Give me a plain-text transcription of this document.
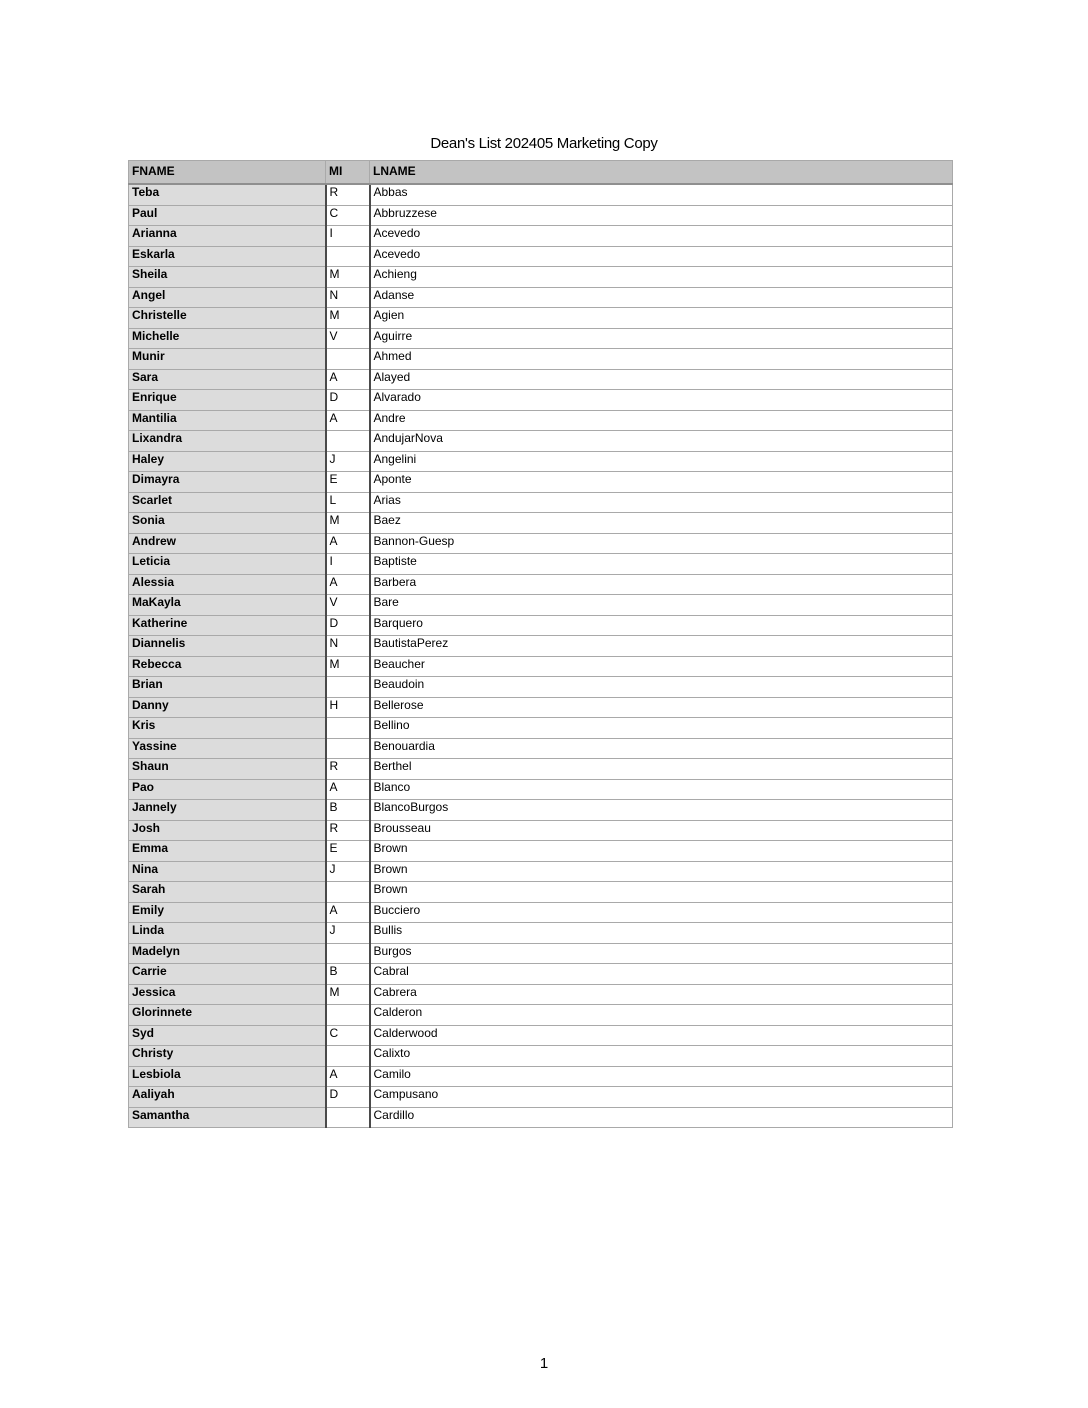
Dean's List 202405 Marketing Copy
FNAME	MI	LNAME
Teba	R	Abbas
Paul	C	Abbruzzese
Arianna	I	Acevedo
Eskarla		Acevedo
Sheila	M	Achieng
Angel	N	Adanse
Christelle	M	Agien
Michelle	V	Aguirre
Munir		Ahmed
Sara	A	Alayed
Enrique	D	Alvarado
Mantilia	A	Andre
Lixandra		AndujarNova
Haley	J	Angelini
Dimayra	E	Aponte
Scarlet	L	Arias
Sonia	M	Baez
Andrew	A	Bannon-Guesp
Leticia	I	Baptiste
Alessia	A	Barbera
MaKayla	V	Bare
Katherine	D	Barquero
Diannelis	N	BautistaPerez
Rebecca	M	Beaucher
Brian		Beaudoin
Danny	H	Bellerose
Kris		Bellino
Yassine		Benouardia
Shaun	R	Berthel
Pao	A	Blanco
Jannely	B	BlancoBurgos
Josh	R	Brousseau
Emma	E	Brown
Nina	J	Brown
Sarah		Brown
Emily	A	Bucciero
Linda	J	Bullis
Madelyn		Burgos
Carrie	B	Cabral
Jessica	M	Cabrera
Glorinnete		Calderon
Syd	C	Calderwood
Christy		Calixto
Lesbiola	A	Camilo
Aaliyah	D	Campusano
Samantha		Cardillo
1
